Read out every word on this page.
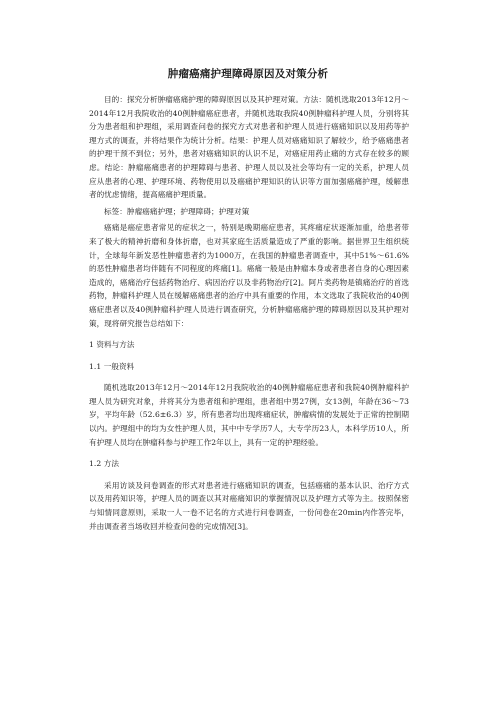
肿瘤癌痛护理障碍原因及对策分析

目的：探究分析肿瘤癌痛护理的障碍原因以及其护理对策。方法：随机选取2013年12月～2014年12月我院收治的40例肿瘤癌症患者，并随机选取我院40例肿瘤科护理人员，分别将其分为患者组和护理组，采用调查问卷的探究方式对患者和护理人员进行癌痛知识以及用药等护理方式的调查，并将结果作为统计分析。结果：护理人员对癌痛知识了解较少，给予癌痛患者的护理干预不到位；另外，患者对癌痛知识的认识不足，对癌症用药止痛的方式存在较多的顾虑。结论：肿瘤癌痛患者的护理障碍与患者、护理人员以及社会等均有一定的关系，护理人员应从患者的心理、护理环境、药物使用以及癌痛护理知识的认识等方面加强癌痛护理，缓解患者的忧虑情绪，提高癌痛护理质量。

标签：肿瘤癌痛护理；护理障碍；护理对策

癌痛是癌症患者常见的症状之一，特别是晚期癌症患者，其疼痛症状逐渐加重，给患者带来了极大的精神折磨和身体折磨，也对其家庭生活质量造成了严重的影响。据世界卫生组织统计，全球每年新发恶性肿瘤患者约为1000万，在我国的肿瘤患者调查中，其中51%～61.6%的恶性肿瘤患者均伴随有不同程度的疼痛[1]。癌痛一般是由肿瘤本身或者患者自身的心理因素造成的，癌痛治疗包括药物治疗、病因治疗以及非药物治疗[2]。阿片类药物是镇痛治疗的首选药物，肿瘤科护理人员在缓解癌痛患者的治疗中具有重要的作用，本文选取了我院收治的40例癌症患者以及40例肿瘤科护理人员进行调查研究，分析肿瘤癌痛护理的障碍原因以及其护理对策，现将研究报告总结如下：

1 资料与方法

1.1 一般资料

随机选取2013年12月～2014年12月我院收治的40例肿瘤癌症患者和我院40例肿瘤科护理人员为研究对象，并将其分为患者组和护理组，患者组中男27例，女13例，年龄在36～73岁，平均年龄（52.6±6.3）岁，所有患者均出现疼痛症状，肿瘤病情的发展处于正常的控制期以内。护理组中的均为女性护理人员，其中中专学历7人，大专学历23人，本科学历10人，所有护理人员均在肿瘤科参与护理工作2年以上，具有一定的护理经验。

1.2 方法

采用访谈及问卷调查的形式对患者进行癌痛知识的调查，包括癌痛的基本认识、治疗方式以及用药知识等，护理人员的调查以其对癌痛知识的掌握情况以及护理方式等为主。按照保密与知情同意原则，采取一人一卷不记名的方式进行问卷调查，一份问卷在20min内作答完毕，并由调查者当场收回并检查问卷的完成情况[3]。
